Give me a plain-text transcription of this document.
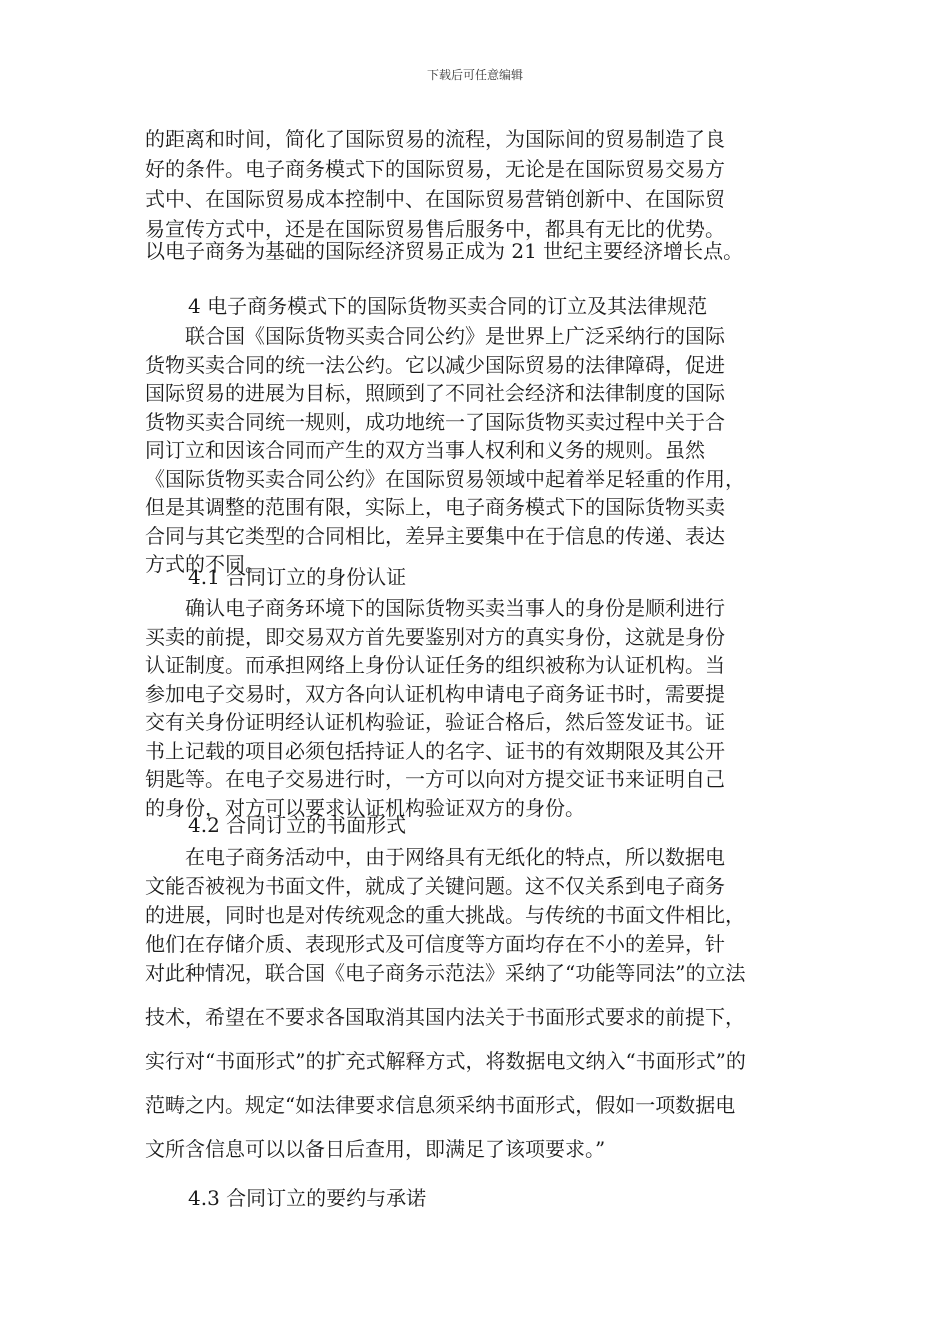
下载后可任意编辑
的距离和时间，简化了国际贸易的流程，为国际间的贸易制造了良
好的条件。电子商务模式下的国际贸易，无论是在国际贸易交易方
式中、在国际贸易成本控制中、在国际贸易营销创新中、在国际贸
易宣传方式中，还是在国际贸易售后服务中，都具有无比的优势。
以电子商务为基础的国际经济贸易正成为 21 世纪主要经济增长点。
4 电子商务模式下的国际货物买卖合同的订立及其法律规范
　　联合国《国际货物买卖合同公约》是世界上广泛采纳行的国际
货物买卖合同的统一法公约。它以减少国际贸易的法律障碍，促进
国际贸易的进展为目标，照顾到了不同社会经济和法律制度的国际
货物买卖合同统一规则，成功地统一了国际货物买卖过程中关于合
同订立和因该合同而产生的双方当事人权利和义务的规则。虽然
《国际货物买卖合同公约》在国际贸易领域中起着举足轻重的作用，
但是其调整的范围有限，实际上，电子商务模式下的国际货物买卖
合同与其它类型的合同相比，差异主要集中在于信息的传递、表达
方式的不同。
4.1 合同订立的身份认证
　　确认电子商务环境下的国际货物买卖当事人的身份是顺利进行
买卖的前提，即交易双方首先要鉴别对方的真实身份，这就是身份
认证制度。而承担网络上身份认证任务的组织被称为认证机构。当
参加电子交易时，双方各向认证机构申请电子商务证书时，需要提
交有关身份证明经认证机构验证，验证合格后，然后签发证书。证
书上记载的项目必须包括持证人的名字、证书的有效期限及其公开
钥匙等。在电子交易进行时，一方可以向对方提交证书来证明自己
的身份，对方可以要求认证机构验证双方的身份。
4.2 合同订立的书面形式
　　在电子商务活动中，由于网络具有无纸化的特点，所以数据电
文能否被视为书面文件，就成了关键问题。这不仅关系到电子商务
的进展，同时也是对传统观念的重大挑战。与传统的书面文件相比，
他们在存储介质、表现形式及可信度等方面均存在不小的差异，针
对此种情况，联合国《电子商务示范法》采纳了“功能等同法”的立法
技术，希望在不要求各国取消其国内法关于书面形式要求的前提下，
实行对“书面形式”的扩充式解释方式，将数据电文纳入“书面形式”的
范畴之内。规定“如法律要求信息须采纳书面形式，假如一项数据电
文所含信息可以以备日后查用，即满足了该项要求。”
4.3 合同订立的要约与承诺
